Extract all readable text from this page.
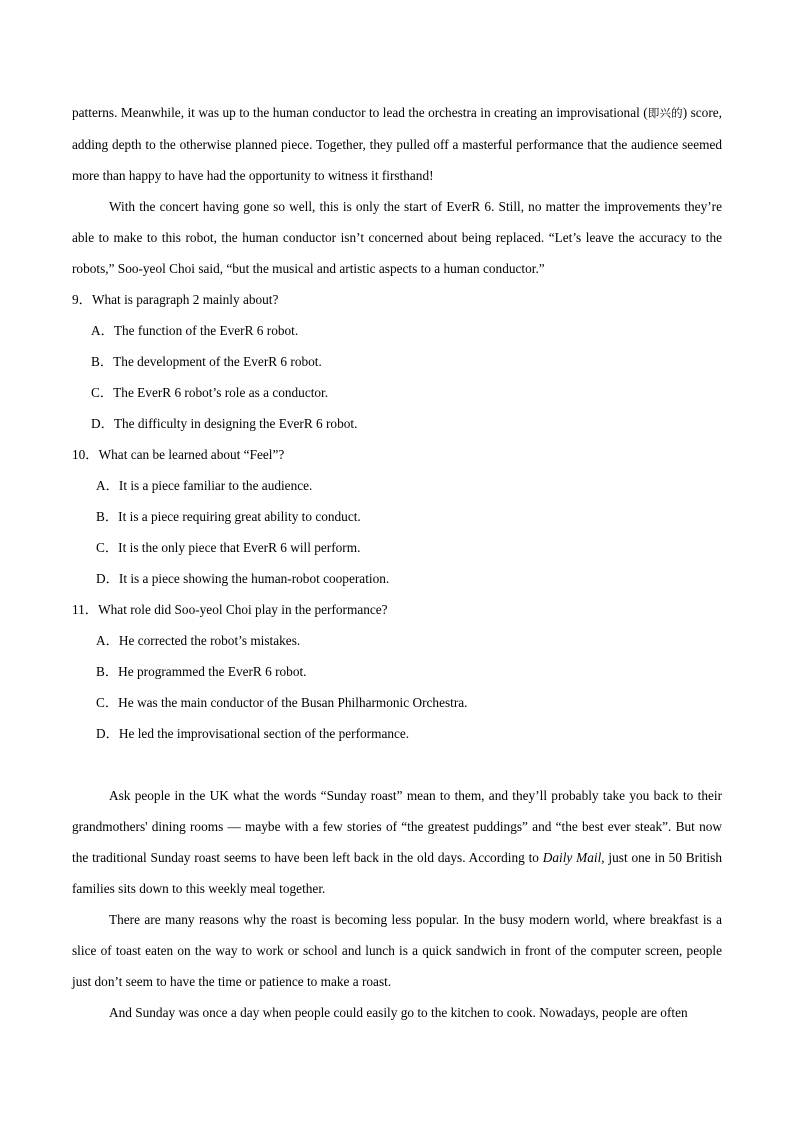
patterns. Meanwhile, it was up to the human conductor to lead the orchestra in creating an improvisational (即兴的) score, adding depth to the otherwise planned piece. Together, they pulled off a masterful performance that the audience seemed more than happy to have had the opportunity to witness it firsthand!

With the concert having gone so well, this is only the start of EverR 6. Still, no matter the improvements they’re able to make to this robot, the human conductor isn’t concerned about being replaced. “Let’s leave the accuracy to the robots,” Soo-yeol Choi said, “but the musical and artistic aspects to a human conductor.”

9．What is paragraph 2 mainly about?

A．The function of the EverR 6 robot.
B．The development of the EverR 6 robot.
C．The EverR 6 robot’s role as a conductor.
D．The difficulty in designing the EverR 6 robot.

10．What can be learned about “Feel”?

A．It is a piece familiar to the audience.
B．It is a piece requiring great ability to conduct.
C．It is the only piece that EverR 6 will perform.
D．It is a piece showing the human-robot cooperation.

11．What role did Soo-yeol Choi play in the performance?

A．He corrected the robot’s mistakes.
B．He programmed the EverR 6 robot.
C．He was the main conductor of the Busan Philharmonic Orchestra.
D．He led the improvisational section of the performance.

Ask people in the UK what the words “Sunday roast” mean to them, and they’ll probably take you back to their grandmothers' dining rooms — maybe with a few stories of “the greatest puddings” and “the best ever steak”. But now the traditional Sunday roast seems to have been left back in the old days. According to Daily Mail, just one in 50 British families sits down to this weekly meal together.

There are many reasons why the roast is becoming less popular. In the busy modern world, where breakfast is a slice of toast eaten on the way to work or school and lunch is a quick sandwich in front of the computer screen, people just don’t seem to have the time or patience to make a roast.

And Sunday was once a day when people could easily go to the kitchen to cook. Nowadays, people are often
